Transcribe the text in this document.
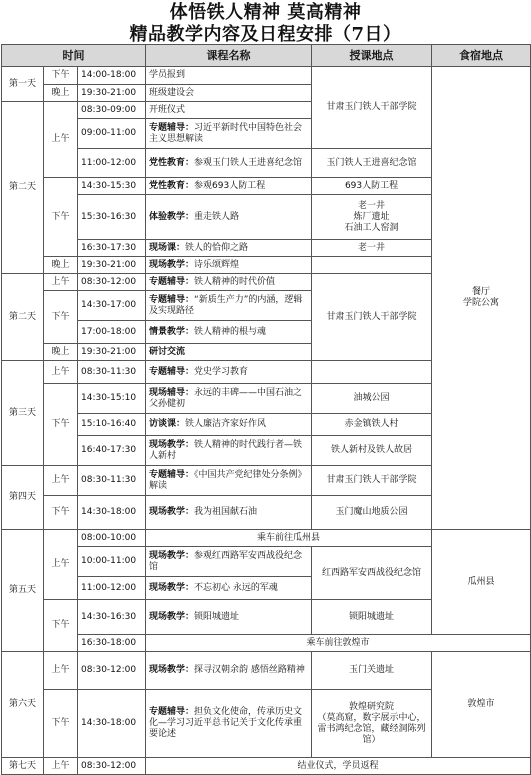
体悟铁人精神 莫高精神
精品教学内容及日程安排（7日）
时间			课程名称	授课地点	食宿地点	
第一天	下午	14:00-18:00	学员报到	甘肃玉门铁人干部学院	餐厅
学院公寓	
	晚上	19:30-21:00	班级建设会			
第二天	上午	08:30-09:00	开班仪式			
		09:00-11:00	专题辅导：习近平新时代中国特色社会主义思想解读			
		11:00-12:00	党性教育：参观玉门铁人王进喜纪念馆	玉门铁人王进喜纪念馆		
	下午	14:30-15:30	党性教育：参观693人防工程	693人防工程		
		15:30-16:30	体验教学：重走铁人路	老一井
炼厂遗址
石油工人窑洞		
		16:30-17:30	现场课：铁人的恰仰之路	老一井		
	晚上	19:30-21:00	现场教学：诗乐颂辉煌			
第二天	上午	08:30-12:00	专题辅导：铁人精神的时代价值	甘肃玉门铁人干部学院		
	下午	14:30-17:00	专题辅导：“新质生产力”的内涵，逻辑及实现路径			
		17:00-18:00	情景教学：铁人精神的根与魂			
	晚上	19:30-21:00	研讨交流			
第三天	上午	08:30-11:30	专题辅导：党史学习教育			
	下午	14:30-15:10	现场辅导：永远的丰碑——中国石油之父孙健初	油城公园		
		15:10-16:40	访谈课：铁人廉洁齐家好作风	赤金镇铁人村		
		16:40-17:30	现场教学：铁人精神的时代践行者—铁人新村	铁人新村及铁人故居		
第四天	上午	08:30-11:30	专题辅导：《中国共产党纪律处分条例》解读	甘肃玉门铁人干部学院		
	下午	14:30-18:00	现场教学：我为祖国献石油	玉门魔山地质公园	
第五天	上午	08:00-10:00	乘车前往瓜州县		瓜州县	
		10:00-11:00	现场教学：参观红西路军安西战役纪念馆	红西路军安西战役纪念馆		
		11:00-12:00	现场教学：不忘初心 永远的军魂			
	下午	14:30-16:30	现场教学：锁阳城遗址	锁阳城遗址		
		16:30-18:00	乘车前往敦煌市			
第六天	上午	08:30-12:00	现场教学：探寻汉朝余韵 感悟丝路精神	玉门关遗址	敦煌市	
	下午	14:30-18:00	专题辅导：担负文化使命，传承历史文化—学习习近平总书记关于文化传承重要论述	敦煌研究院
（莫高窟，数字展示中心，雷书鸿纪念馆，藏经洞陈列馆）		
第七天	上午	08:30-12:00	结业仪式，学员返程			
